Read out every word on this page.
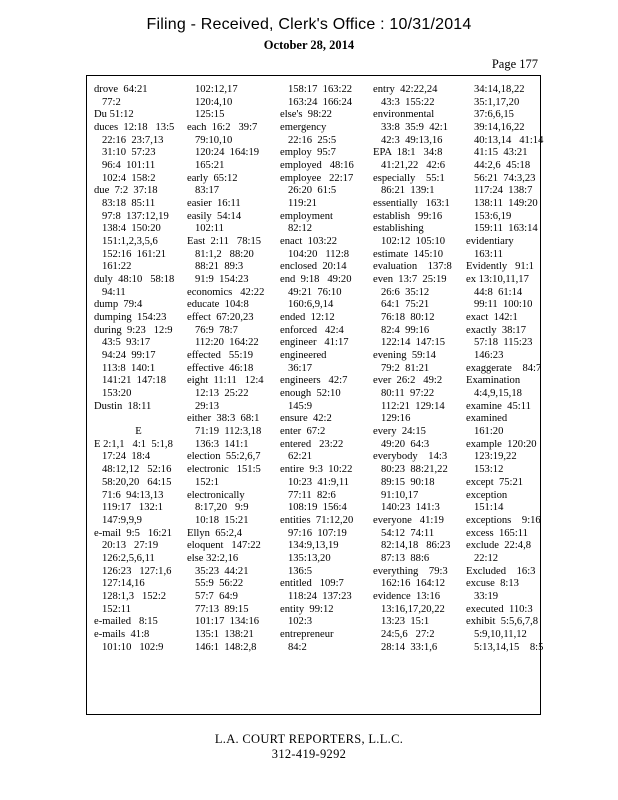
Filing - Received, Clerk's Office : 10/31/2014
October 28, 2014
Page 177
drove  64:21
77:2
Du 51:12
duces  12:18   13:5
22:16  23:7,13
31:10  57:23
96:4  101:11
102:4  158:2
due  7:2  37:18
83:18  85:11
97:8  137:12,19
138:4  150:20
151:1,2,3,5,6
152:16  161:21
161:22
duly  48:10   58:18
94:11
dump  79:4
dumping  154:23
during  9:23   12:9
43:5  93:17
94:24  99:17
113:8  140:1
141:21  147:18
153:20
Dustin  18:11
E
E 2:1,1   4:1  5:1,8
17:24  18:4
48:12,12   52:16
58:20,20   64:15
71:6  94:13,13
119:17   132:1
147:9,9,9
e-mail  9:5   16:21
20:13   27:19
126:2,5,6,11
126:23   127:1,6
127:14,16
128:1,3   152:2
152:11
e-mailed   8:15
e-mails  41:8
101:10   102:9
102:12,17
120:4,10
125:15
each  16:2   39:7
79:10,10
120:24  164:19
165:21
early  65:12
83:17
easier  16:11
easily  54:14
102:11
East  2:11   78:15
81:1,2   88:20
88:21  89:3
91:9  154:23
economics   42:22
educate  104:8
effect  67:20,23
76:9  78:7
112:20  164:22
effected   55:19
effective  46:18
eight  11:11   12:4
12:13  25:22
29:13
either  38:3  68:1
71:19  112:3,18
136:3  141:1
election  55:2,6,7
electronic   151:5
152:1
electronically
8:17,20   9:9
10:18  15:21
Ellyn  65:2,4
eloquent   147:22
else 32:2,16
35:23  44:21
55:9  56:22
57:7  64:9
77:13  89:15
101:17  134:16
135:1  138:21
146:1  148:2,8
158:17  163:22
163:24  166:24
else's  98:22
emergency
22:16  25:5
employ  95:7
employed   48:16
employee   22:17
26:20  61:5
119:21
employment
82:12
enact  103:22
104:20   112:8
enclosed  20:14
end  9:18   49:20
49:21  76:10
160:6,9,14
ended  12:12
enforced   42:4
engineer   41:17
engineered
36:17
engineers   42:7
enough  52:10
145:9
ensure  42:2
enter  67:2
entered   23:22
62:21
entire  9:3  10:22
10:23  41:9,11
77:11  82:6
108:19  156:4
entities  71:12,20
97:16  107:19
134:9,13,19
135:13,20
136:5
entitled   109:7
118:24  137:23
entity  99:12
102:3
entrepreneur
84:2
entry  42:22,24
43:3  155:22
environmental
33:8  35:9  42:1
42:3  49:13,16
EPA  18:1   34:8
41:21,22   42:6
especially    55:1
86:21  139:1
essentially   163:1
establish   99:16
establishing
102:12  105:10
estimate  145:10
evaluation    137:8
even  13:7  25:19
26:6  35:12
64:1  75:21
76:18  80:12
82:4  99:16
122:14  147:15
evening  59:14
79:2  81:21
ever  26:2   49:2
80:11  97:22
112:21  129:14
129:16
every  24:15
49:20  64:3
everybody    14:3
80:23  88:21,22
89:15  90:18
91:10,17
140:23  141:3
everyone   41:19
54:12  74:11
82:14,18   86:23
87:13  88:6
everything    79:3
162:16  164:12
evidence  13:16
13:16,17,20,22
13:23  15:1
24:5,6   27:2
28:14  33:1,6
34:14,18,22
35:1,17,20
37:6,6,15
39:14,16,22
40:13,14   41:14
41:15  43:21
44:2,6  45:18
56:21  74:3,23
117:24  138:7
138:11  149:20
153:6,19
159:11  163:14
evidentiary
163:11
Evidently   91:1
ex 13:10,11,17
44:8  61:14
99:11  100:10
exact  142:1
exactly  38:17
57:18  115:23
146:23
exaggerate    84:7
Examination
4:4,9,15,18
examine  45:11
examined
161:20
example  120:20
123:19,22
153:12
except  75:21
exception
151:14
exceptions    9:16
excess  165:11
exclude  22:4,8
22:12
Excluded    16:3
excuse  8:13
33:19
executed  110:3
exhibit  5:5,6,7,8
5:9,10,11,12
5:13,14,15    8:5
L.A. COURT REPORTERS, L.L.C.
312-419-9292
